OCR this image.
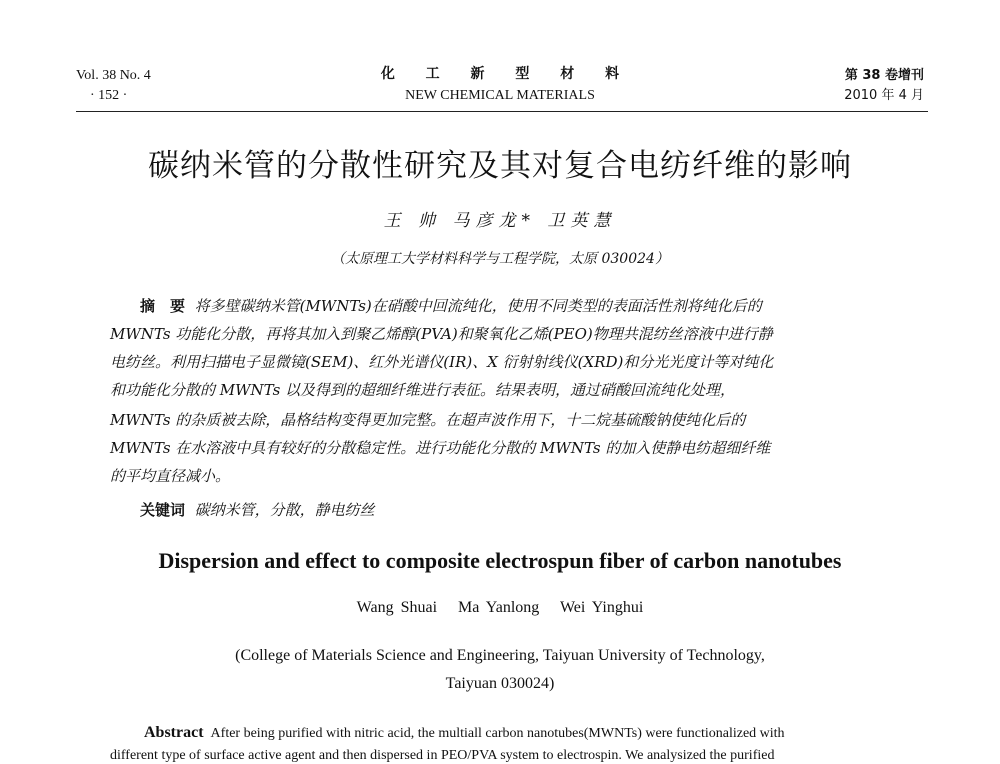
Vol. 38 No. 4
· 152 ·
化 工 新 型 材 料
NEW CHEMICAL MATERIALS
第 38 卷增刊
2010 年 4 月
碳纳米管的分散性研究及其对复合电纺纤维的影响
王 帅 马彦龙* 卫英慧
（太原理工大学材料科学与工程学院，太原 030024）
摘　要 将多壁碳纳米管(MWNTs)在硝酸中回流纯化，使用不同类型的表面活性剂将纯化后的
MWNTs 功能化分散，再将其加入到聚乙烯醇(PVA)和聚氧化乙烯(PEO)物理共混纺丝溶液中进行静
电纺丝。利用扫描电子显微镜(SEM)、红外光谱仪(IR)、X 衍射射线仪(XRD)和分光光度计等对纯化
和功能化分散的 MWNTs 以及得到的超细纤维进行表征。结果表明，通过硝酸回流纯化处理，
MWNTs 的杂质被去除，晶格结构变得更加完整。在超声波作用下，十二烷基硫酸钠使纯化后的
MWNTs 在水溶液中具有较好的分散稳定性。进行功能化分散的 MWNTs 的加入使静电纺超细纤维
的平均直径减小。
关键词 碳纳米管，分散，静电纺丝
Dispersion and effect to composite electrospun fiber of carbon nanotubes
Wang Shuai   Ma Yanlong   Wei Yinghui
(College of Materials Science and Engineering, Taiyuan University of Technology,
Taiyuan 030024)
Abstract After being purified with nitric acid, the multiall carbon nanotubes(MWNTs) were functionalized with
different type of surface active agent and then dispersed in PEO/PVA system to electrospin. We analysized the purified
